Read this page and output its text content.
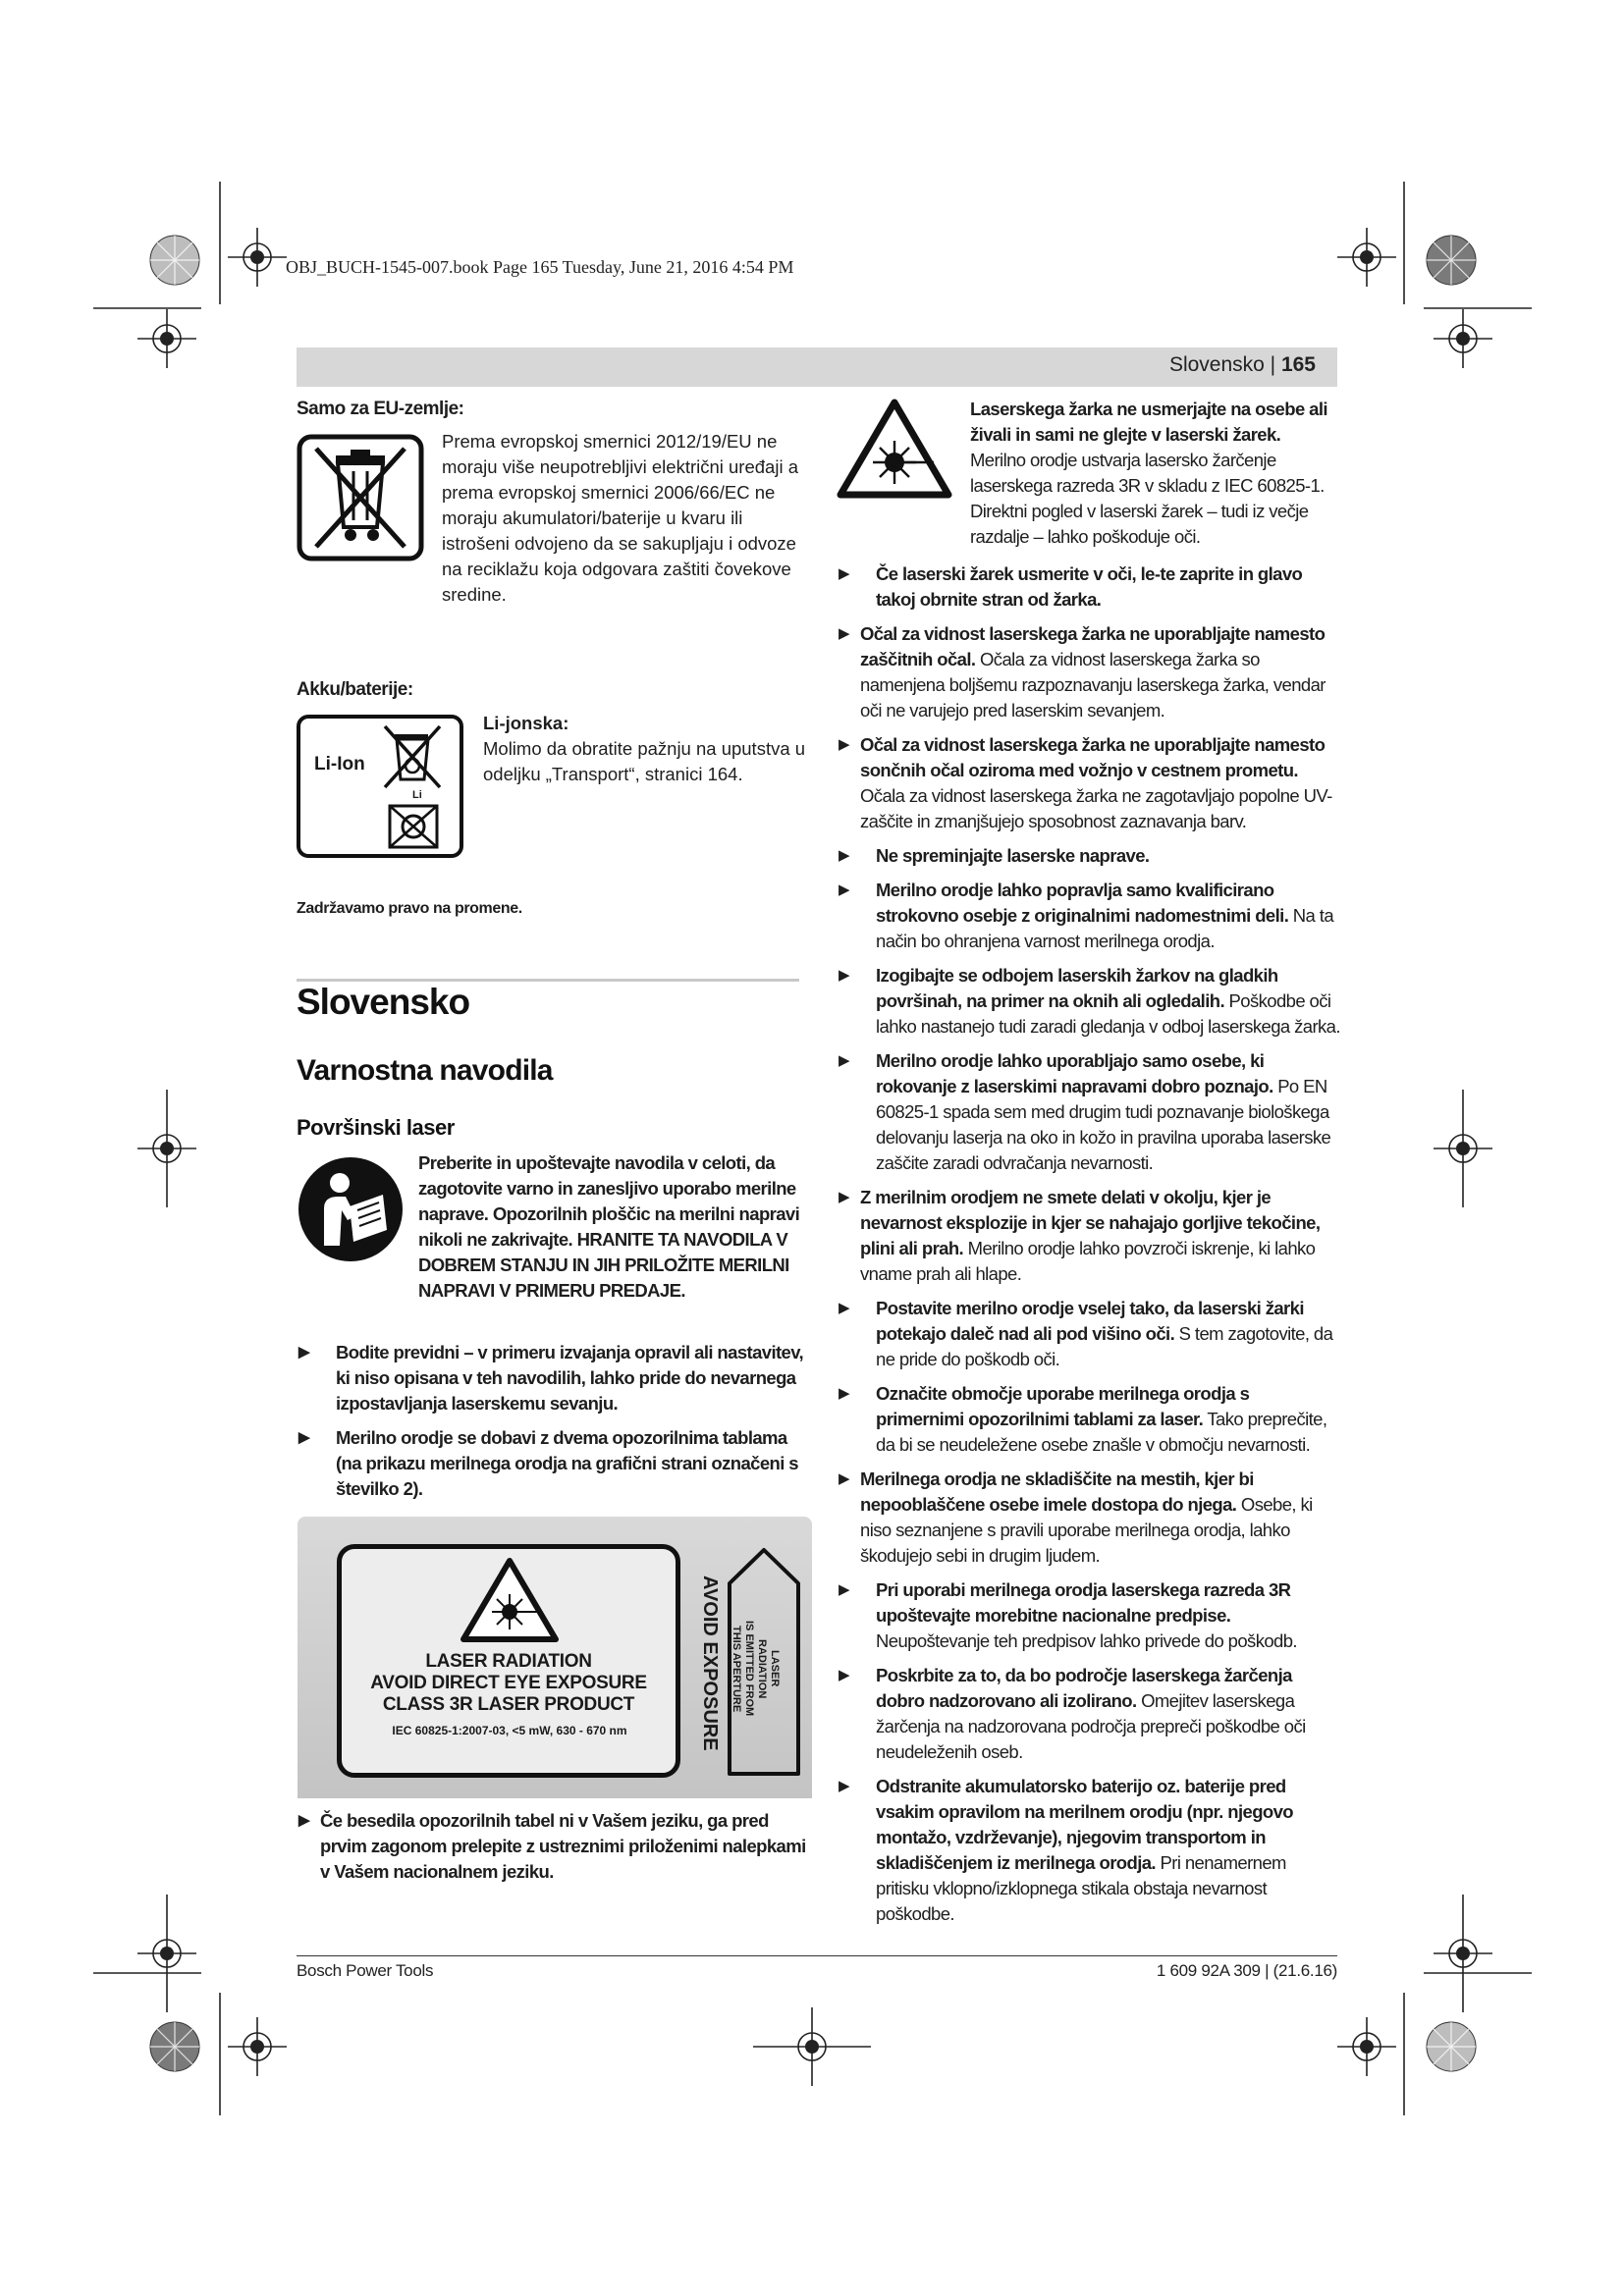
OBJ_BUCH-1545-007.book Page 165 Tuesday, June 21, 2016 4:54 PM
Slovensko | 165
Samo za EU-zemlje:
Prema evropskoj smernici 2012/19/EU ne moraju više neupotrebljivi električni uređaji a prema evropskoj smernici 2006/66/EC ne moraju akumulatori/baterije u kvaru ili istrošeni odvojeno da se sakupljaju i odvoze na reciklažu koja odgovara zaštiti čovekove sredine.
Akku/baterije:
Li-Ion
Li
Li-jonska:
Molimo da obratite pažnju na uputstva u odeljku „Transport“, stranici 164.
Zadržavamo pravo na promene.
Slovensko
Varnostna navodila
Površinski laser
Preberite in upoštevajte navodila v celoti, da zagotovite varno in zanesljivo uporabo merilne naprave. Opozorilnih ploščic na merilni napravi nikoli ne zakrivajte. HRANITE TA NAVODILA V DOBREM STANJU IN JIH PRILOŽITE MERILNI NAPRAVI V PRIMERU PREDAJE.
▶ Bodite previdni – v primeru izvajanja opravil ali nastavitev, ki niso opisana v teh navodilih, lahko pride do nevarnega izpostavljanja laserskemu sevanju.
▶ Merilno orodje se dobavi z dvema opozorilnima tablama (na prikazu merilnega orodja na grafični strani označeni s številko 2).
LASER RADIATION
AVOID DIRECT EYE EXPOSURE
CLASS 3R LASER PRODUCT
IEC 60825-1:2007-03, <5 mW, 630 - 670 nm	AVOID EXPOSURE	LASER
RADIATION
IS EMITTED FROM
THIS APERTURE
▶ Če besedila opozorilnih tabel ni v Vašem jeziku, ga pred prvim zagonom prelepite z ustreznimi priloženimi nalepkami v Vašem nacionalnem jeziku.
Laserskega žarka ne usmerjajte na osebe ali živali in sami ne glejte v laserski žarek. Merilno orodje ustvarja lasersko žarčenje laserskega razreda 3R v skladu z IEC 60825-1. Direktni pogled v laserski žarek – tudi iz večje razdalje – lahko poškoduje oči.
▶ Če laserski žarek usmerite v oči, le-te zaprite in glavo takoj obrnite stran od žarka.
▶ Očal za vidnost laserskega žarka ne uporabljajte namesto zaščitnih očal. Očala za vidnost laserskega žarka so namenjena boljšemu razpoznavanju laserskega žarka, vendar oči ne varujejo pred laserskim sevanjem.
▶ Očal za vidnost laserskega žarka ne uporabljajte namesto sončnih očal oziroma med vožnjo v cestnem prometu. Očala za vidnost laserskega žarka ne zagotavljajo popolne UV-zaščite in zmanjšujejo sposobnost zaznavanja barv.
▶ Ne spreminjajte laserske naprave.
▶ Merilno orodje lahko popravlja samo kvalificirano strokovno osebje z originalnimi nadomestnimi deli. Na ta način bo ohranjena varnost merilnega orodja.
▶ Izogibajte se odbojem laserskih žarkov na gladkih površinah, na primer na oknih ali ogledalih. Poškodbe oči lahko nastanejo tudi zaradi gledanja v odboj laserskega žarka.
▶ Merilno orodje lahko uporabljajo samo osebe, ki rokovanje z laserskimi napravami dobro poznajo. Po EN 60825-1 spada sem med drugim tudi poznavanje biološkega delovanju laserja na oko in kožo in pravilna uporaba laserske zaščite zaradi odvračanja nevarnosti.
▶ Z merilnim orodjem ne smete delati v okolju, kjer je nevarnost eksplozije in kjer se nahajajo gorljive tekočine, plini ali prah. Merilno orodje lahko povzroči iskrenje, ki lahko vname prah ali hlape.
▶ Postavite merilno orodje vselej tako, da laserski žarki potekajo daleč nad ali pod višino oči. S tem zagotovite, da ne pride do poškodb oči.
▶ Označite območje uporabe merilnega orodja s primernimi opozorilnimi tablami za laser. Tako preprečite, da bi se neudeležene osebe znašle v območju nevarnosti.
▶ Merilnega orodja ne skladiščite na mestih, kjer bi nepooblaščene osebe imele dostopa do njega. Osebe, ki niso seznanjene s pravili uporabe merilnega orodja, lahko škodujejo sebi in drugim ljudem.
▶ Pri uporabi merilnega orodja laserskega razreda 3R upoštevajte morebitne nacionalne predpise. Neupoštevanje teh predpisov lahko privede do poškodb.
▶ Poskrbite za to, da bo področje laserskega žarčenja dobro nadzorovano ali izolirano. Omejitev laserskega žarčenja na nadzorovana področja prepreči poškodbe oči neudeleženih oseb.
▶ Odstranite akumulatorsko baterijo oz. baterije pred vsakim opravilom na merilnem orodju (npr. njegovo montažo, vzdrževanje), njegovim transportom in skladiščenjem iz merilnega orodja. Pri nenamernem pritisku vklopno/izklopnega stikala obstaja nevarnost poškodbe.
Bosch Power Tools	1 609 92A 309 | (21.6.16)
